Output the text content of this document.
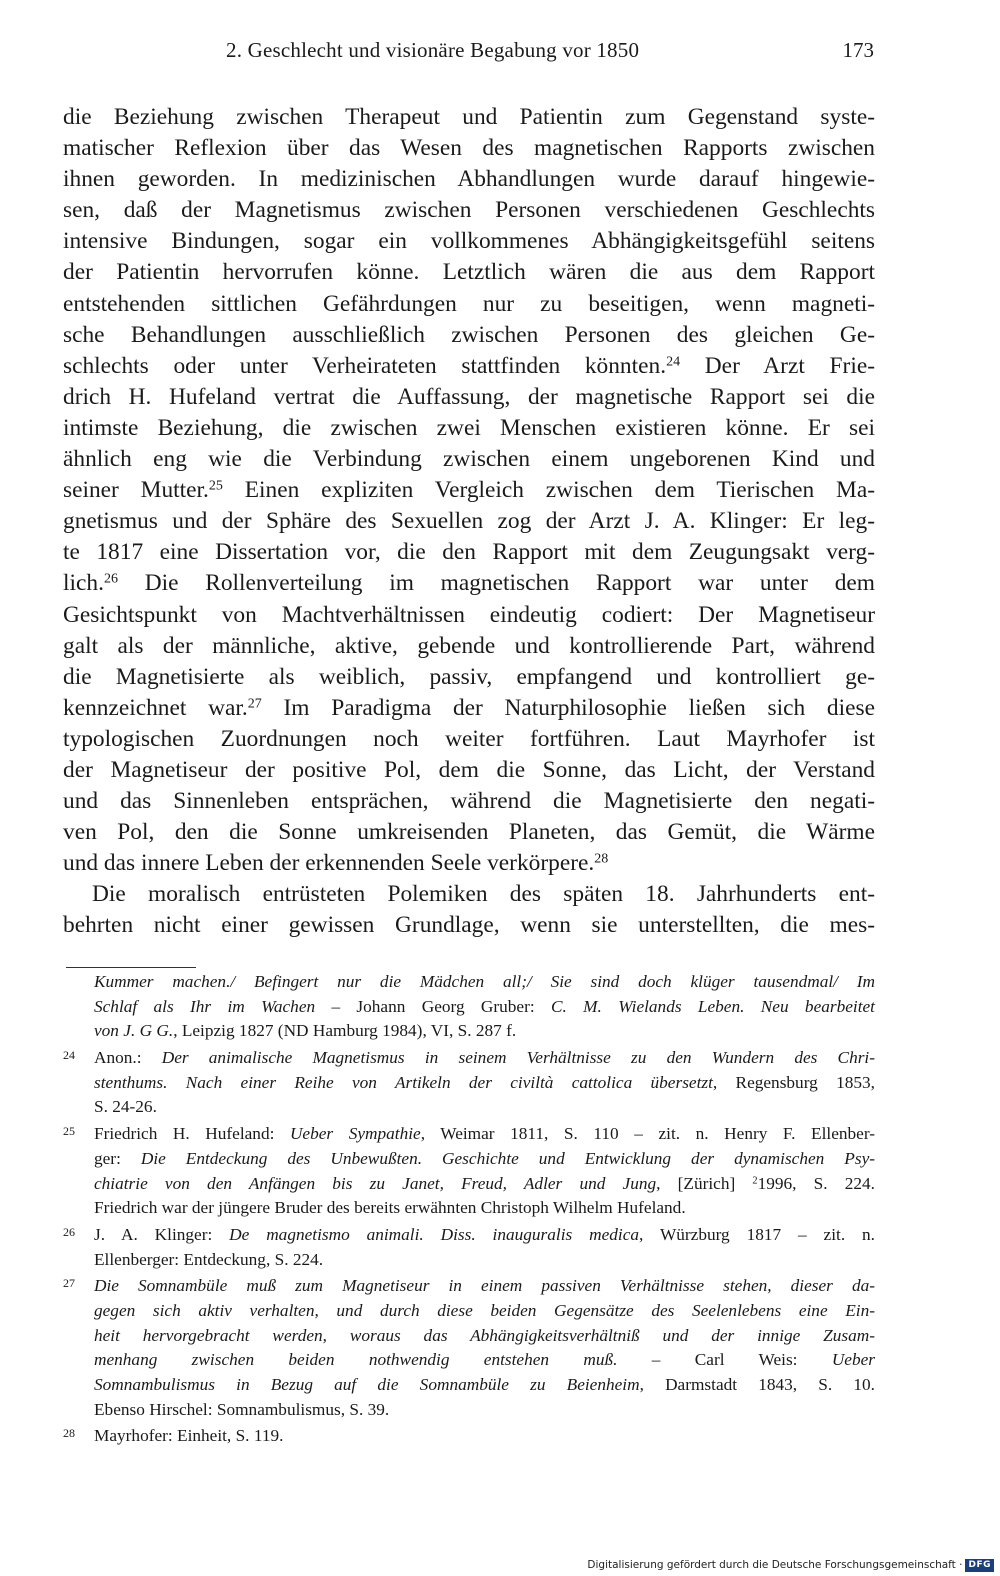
2. Geschlecht und visionäre Begabung vor 1850	173
die Beziehung zwischen Therapeut und Patientin zum Gegenstand syste-
matischer Reflexion über das Wesen des magnetischen Rapports zwischen
ihnen geworden. In medizinischen Abhandlungen wurde darauf hingewie-
sen, daß der Magnetismus zwischen Personen verschiedenen Geschlechts
intensive Bindungen, sogar ein vollkommenes Abhängigkeitsgefühl seitens
der Patientin hervorrufen könne. Letztlich wären die aus dem Rapport
entstehenden sittlichen Gefährdungen nur zu beseitigen, wenn magneti-
sche Behandlungen ausschließlich zwischen Personen des gleichen Ge-
schlechts oder unter Verheirateten stattfinden könnten.$^{24}$ Der Arzt Frie-
drich H. Hufeland vertrat die Auffassung, der magnetische Rapport sei die
intimste Beziehung, die zwischen zwei Menschen existieren könne. Er sei
ähnlich eng wie die Verbindung zwischen einem ungeborenen Kind und
seiner Mutter.$^{25}$ Einen expliziten Vergleich zwischen dem Tierischen Ma-
gnetismus und der Sphäre des Sexuellen zog der Arzt J. A. Klinger: Er leg-
te 1817 eine Dissertation vor, die den Rapport mit dem Zeugungsakt verg-
lich.$^{26}$ Die Rollenverteilung im magnetischen Rapport war unter dem
Gesichtspunkt von Machtverhältnissen eindeutig codiert: Der Magnetiseur
galt als der männliche, aktive, gebende und kontrollierende Part, während
die Magnetisierte als weiblich, passiv, empfangend und kontrolliert ge-
kennzeichnet war.$^{27}$ Im Paradigma der Naturphilosophie ließen sich diese
typologischen Zuordnungen noch weiter fortführen. Laut Mayrhofer ist
der Magnetiseur der positive Pol, dem die Sonne, das Licht, der Verstand
und das Sinnenleben entsprächen, während die Magnetisierte den negati-
ven Pol, den die Sonne umkreisenden Planeten, das Gemüt, die Wärme
und das innere Leben der erkennenden Seele verkörpere.$^{28}$
Die moralisch entrüsteten Polemiken des späten 18. Jahrhunderts ent-
behrten nicht einer gewissen Grundlage, wenn sie unterstellten, die mes-
Kummer machen./ Befingert nur die Mädchen all;/ Sie sind doch klüger tausendmal/ Im
Schlaf als Ihr im Wachen – Johann Georg Gruber: C. M. Wielands Leben. Neu bearbeitet
von J. G G., Leipzig 1827 (ND Hamburg 1984), VI, S. 287 f.
24	Anon.: Der animalische Magnetismus in seinem Verhältnisse zu den Wundern des Chri-
stenthums. Nach einer Reihe von Artikeln der civiltà cattolica übersetzt, Regensburg 1853,
S. 24-26.
25	Friedrich H. Hufeland: Ueber Sympathie, Weimar 1811, S. 110 – zit. n. Henry F. Ellenber-
ger: Die Entdeckung des Unbewußten. Geschichte und Entwicklung der dynamischen Psy-
chiatrie von den Anfängen bis zu Janet, Freud, Adler und Jung, [Zürich] $^2$1996, S. 224.
Friedrich war der jüngere Bruder des bereits erwähnten Christoph Wilhelm Hufeland.
26	J. A. Klinger: De magnetismo animali. Diss. inauguralis medica, Würzburg 1817 – zit. n.
Ellenberger: Entdeckung, S. 224.
27	Die Somnambüle muß zum Magnetiseur in einem passiven Verhältnisse stehen, dieser da-
gegen sich aktiv verhalten, und durch diese beiden Gegensätze des Seelenlebens eine Ein-
heit hervorgebracht werden, woraus das Abhängigkeitsverhältniß und der innige Zusam-
menhang zwischen beiden nothwendig entstehen muß. – Carl Weis: Ueber
Somnambulismus in Bezug auf die Somnambüle zu Beienheim, Darmstadt 1843, S. 10.
Ebenso Hirschel: Somnambulismus, S. 39.
28	Mayrhofer: Einheit, S. 119.
Digitalisierung gefördert durch die Deutsche Forschungsgemeinschaft · DFG
